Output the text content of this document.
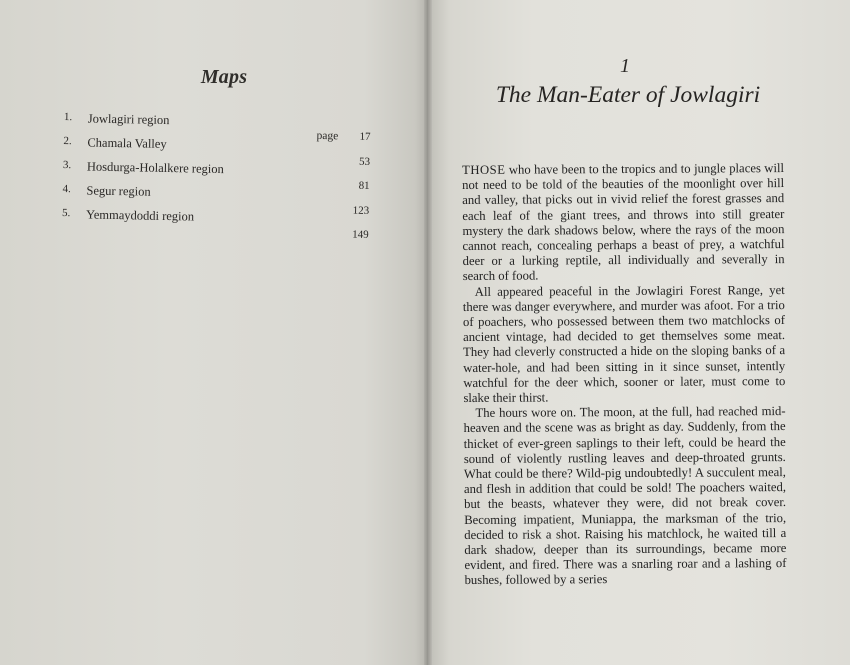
Maps
1. Jowlagiri region
2. Chamala Valley
3. Hosdurga-Holalkere region
4. Segur region
5. Yemmaydoddi region
page	17
53
81
123
149
1
The Man-Eater of Jowlagiri

THOSE who have been to the tropics and to jungle places will not need to be told of the beauties of the moonlight over hill and valley, that picks out in vivid relief the forest grasses and each leaf of the giant trees, and throws into still greater mystery the dark shadows below, where the rays of the moon cannot reach, concealing perhaps a beast of prey, a watchful deer or a lurking reptile, all individually and severally in search of food.

All appeared peaceful in the Jowlagiri Forest Range, yet there was danger everywhere, and murder was afoot. For a trio of poachers, who possessed between them two matchlocks of ancient vintage, had decided to get themselves some meat. They had cleverly constructed a hide on the sloping banks of a water-hole, and had been sitting in it since sunset, intently watchful for the deer which, sooner or later, must come to slake their thirst.

The hours wore on. The moon, at the full, had reached mid-heaven and the scene was as bright as day. Suddenly, from the thicket of ever-green saplings to their left, could be heard the sound of violently rustling leaves and deep-throated grunts. What could be there? Wild-pig undoubtedly! A succulent meal, and flesh in addition that could be sold! The poachers waited, but the beasts, whatever they were, did not break cover. Becoming impatient, Muniappa, the marksman of the trio, decided to risk a shot. Raising his matchlock, he waited till a dark shadow, deeper than its surroundings, became more evident, and fired. There was a snarling roar and a lashing of bushes, followed by a series
